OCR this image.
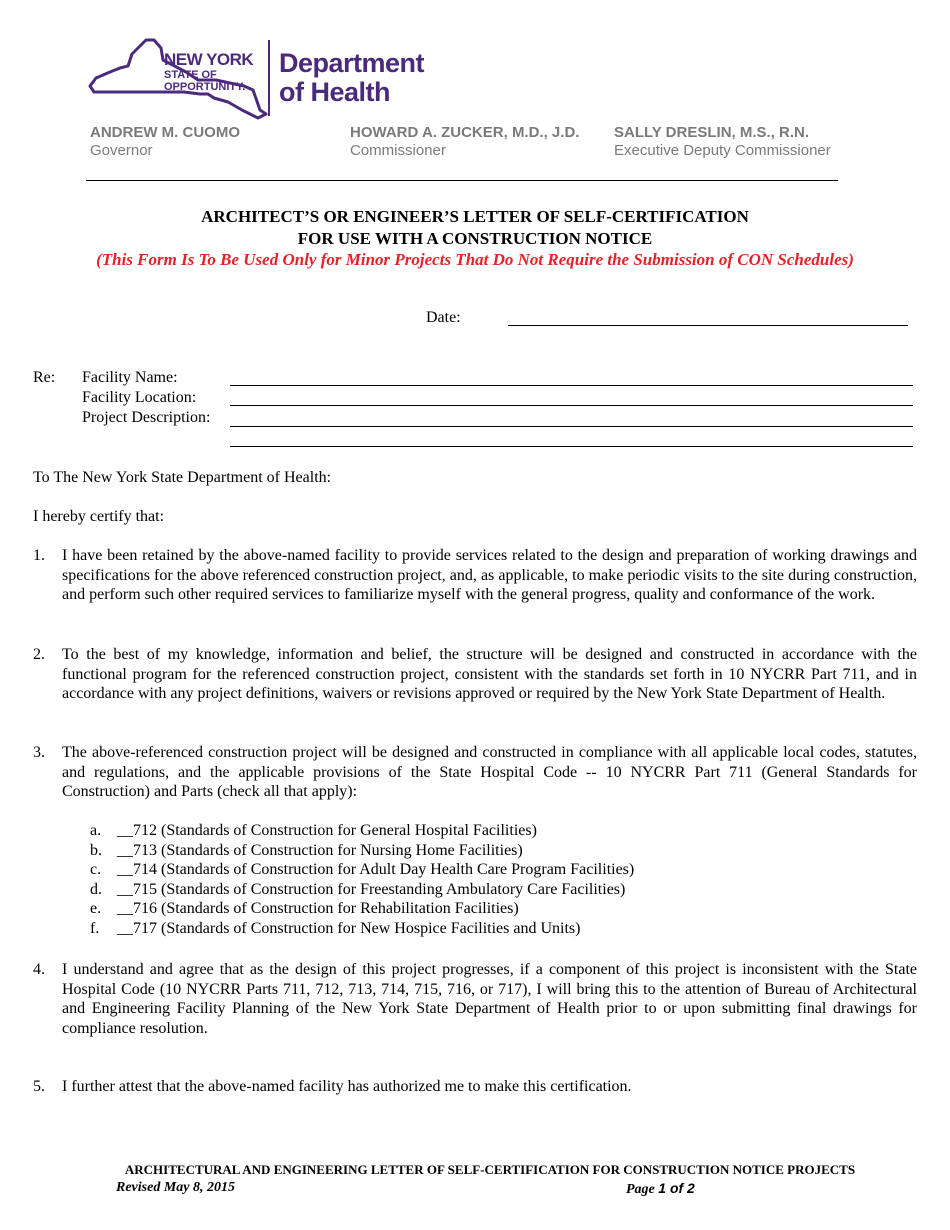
NEW YORK
STATE OF
OPPORTUNITY.
Department
of Health
ANDREW M. CUOMO
Governor
HOWARD A. ZUCKER, M.D., J.D.
Commissioner
SALLY DRESLIN, M.S., R.N.
Executive Deputy Commissioner
ARCHITECT’S OR ENGINEER’S LETTER OF SELF-CERTIFICATION
FOR USE WITH A CONSTRUCTION NOTICE
(This Form Is To Be Used Only for Minor Projects That Do Not Require the Submission of CON Schedules)
Date:
Re: Facility Name:
Facility Location:
Project Description:
To The New York State Department of Health:
I hereby certify that:
1. I have been retained by the above-named facility to provide services related to the design and preparation of working drawings and specifications for the above referenced construction project, and, as applicable, to make periodic visits to the site during construction, and perform such other required services to familiarize myself with the general progress, quality and conformance of the work.
2. To the best of my knowledge, information and belief, the structure will be designed and constructed in accordance with the functional program for the referenced construction project, consistent with the standards set forth in 10 NYCRR Part 711, and in accordance with any project definitions, waivers or revisions approved or required by the New York State Department of Health.
3. The above-referenced construction project will be designed and constructed in compliance with all applicable local codes, statutes, and regulations, and the applicable provisions of the State Hospital Code -- 10 NYCRR Part 711 (General Standards for Construction) and Parts (check all that apply):
a. __712 (Standards of Construction for General Hospital Facilities)
b. __713 (Standards of Construction for Nursing Home Facilities)
c. __714 (Standards of Construction for Adult Day Health Care Program Facilities)
d. __715 (Standards of Construction for Freestanding Ambulatory Care Facilities)
e. __716 (Standards of Construction for Rehabilitation Facilities)
f. __717 (Standards of Construction for New Hospice Facilities and Units)
4. I understand and agree that as the design of this project progresses, if a component of this project is inconsistent with the State Hospital Code (10 NYCRR Parts 711, 712, 713, 714, 715, 716, or 717), I will bring this to the attention of Bureau of Architectural and Engineering Facility Planning of the New York State Department of Health prior to or upon submitting final drawings for compliance resolution.
5. I further attest that the above-named facility has authorized me to make this certification.
ARCHITECTURAL AND ENGINEERING LETTER OF SELF-CERTIFICATION FOR CONSTRUCTION NOTICE PROJECTS
Revised May 8, 2015	Page 1 of 2
